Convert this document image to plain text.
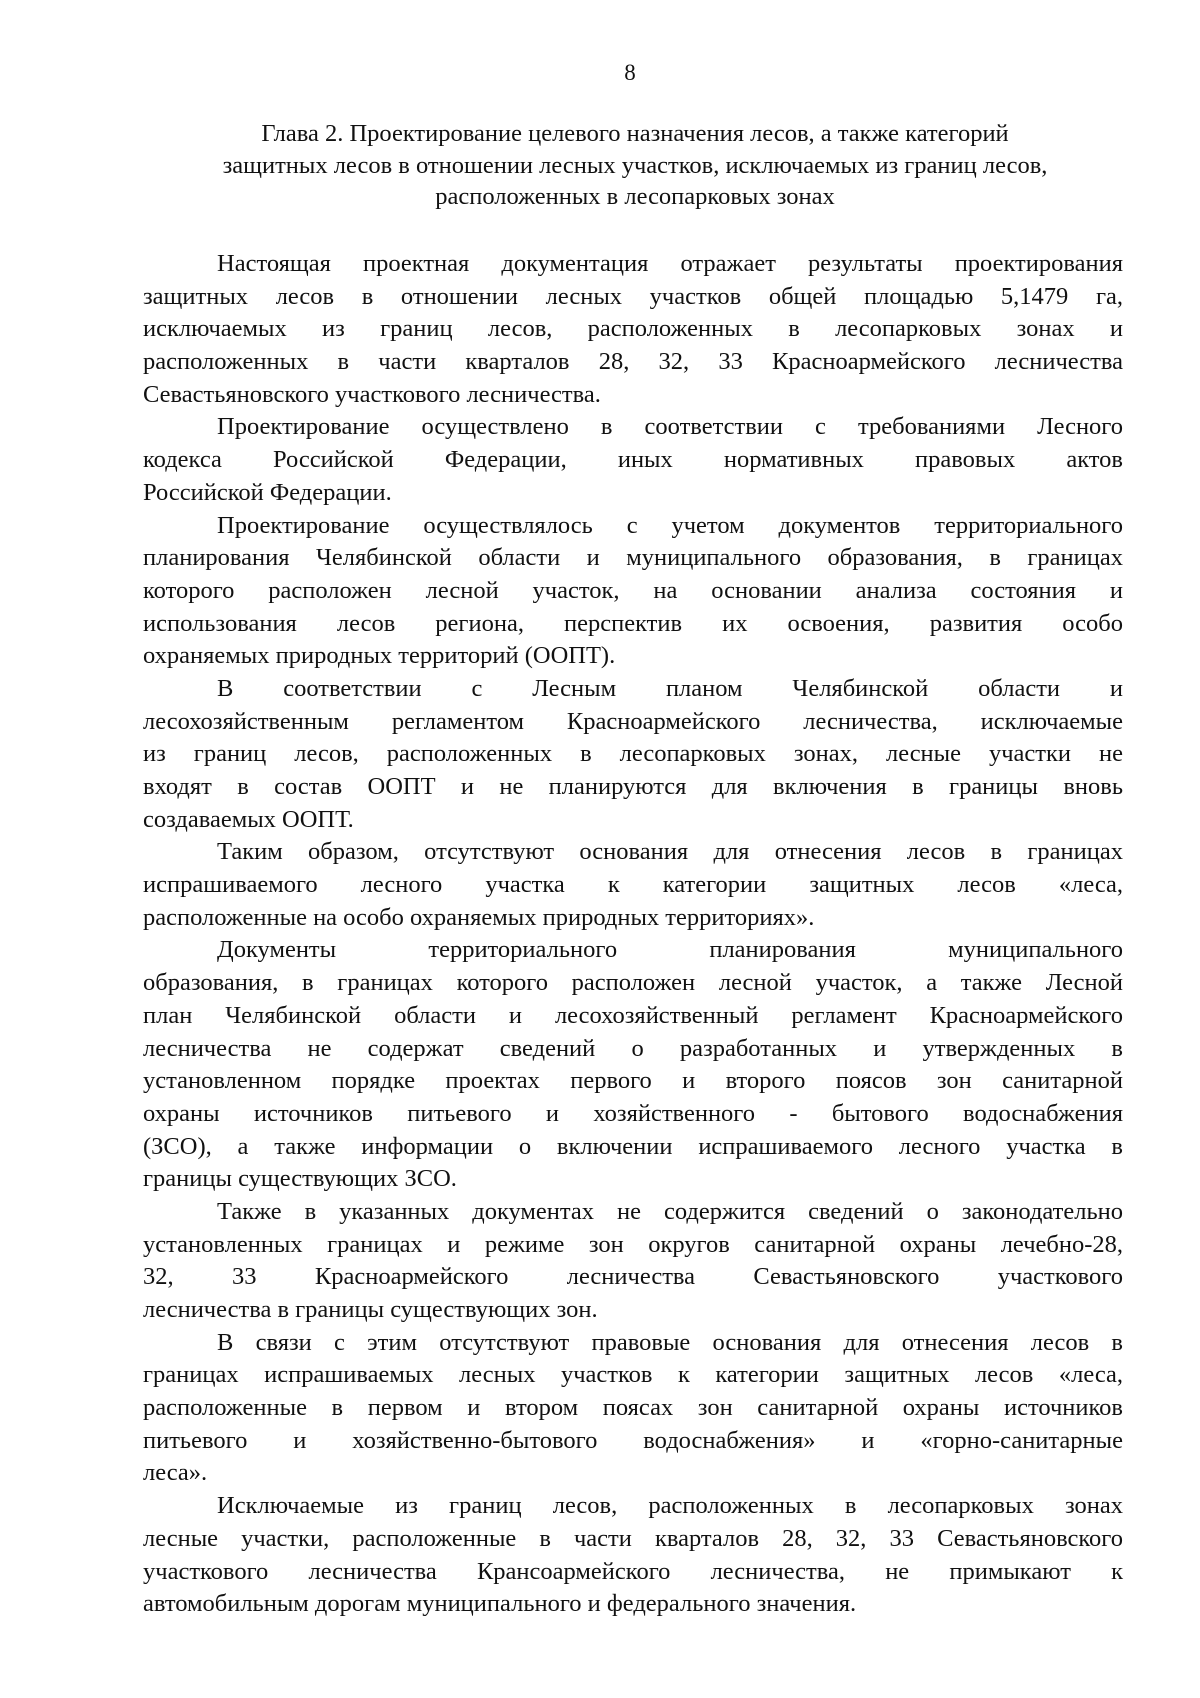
8
Глава 2. Проектирование целевого назначения лесов, а также категорий
защитных лесов в отношении лесных участков, исключаемых из границ лесов,
расположенных в лесопарковых зонах

Настоящая проектная документация отражает результаты проектирования
защитных лесов в отношении лесных участков общей площадью 5,1479 га,
исключаемых из границ лесов, расположенных в лесопарковых зонах и
расположенных в части кварталов 28, 32, 33 Красноармейского лесничества
Севастьяновского участкового лесничества.

Проектирование осуществлено в соответствии с требованиями Лесного
кодекса Российской Федерации, иных нормативных правовых актов
Российской Федерации.

Проектирование осуществлялось с учетом документов территориального
планирования Челябинской области и муниципального образования, в границах
которого расположен лесной участок, на основании анализа состояния и
использования лесов региона, перспектив их освоения, развития особо
охраняемых природных территорий (ООПТ).

В соответствии с Лесным планом Челябинской области и
лесохозяйственным регламентом Красноармейского лесничества, исключаемые
из границ лесов, расположенных в лесопарковых зонах, лесные участки не
входят в состав ООПТ и не планируются для включения в границы вновь
создаваемых ООПТ.

Таким образом, отсутствуют основания для отнесения лесов в границах
испрашиваемого лесного участка к категории защитных лесов «леса,
расположенные на особо охраняемых природных территориях».

Документы территориального планирования муниципального
образования, в границах которого расположен лесной участок, а также Лесной
план Челябинской области и лесохозяйственный регламент Красноармейского
лесничества не содержат сведений о разработанных и утвержденных в
установленном порядке проектах первого и второго поясов зон санитарной
охраны источников питьевого и хозяйственного - бытового водоснабжения
(ЗСО), а также информации о включении испрашиваемого лесного участка в
границы существующих ЗСО.

Также в указанных документах не содержится сведений о законодательно
установленных границах и режиме зон округов санитарной охраны лечебно-28,
32, 33 Красноармейского лесничества Севастьяновского участкового
лесничества в границы существующих зон.

В связи с этим отсутствуют правовые основания для отнесения лесов в
границах испрашиваемых лесных участков к категории защитных лесов «леса,
расположенные в первом и втором поясах зон санитарной охраны источников
питьевого и хозяйственно-бытового водоснабжения» и «горно-санитарные
леса».

Исключаемые из границ лесов, расположенных в лесопарковых зонах
лесные участки, расположенные в части кварталов 28, 32, 33 Севастьяновского
участкового лесничества Крансоармейского лесничества, не примыкают к
автомобильным дорогам муниципального и федерального значения.
